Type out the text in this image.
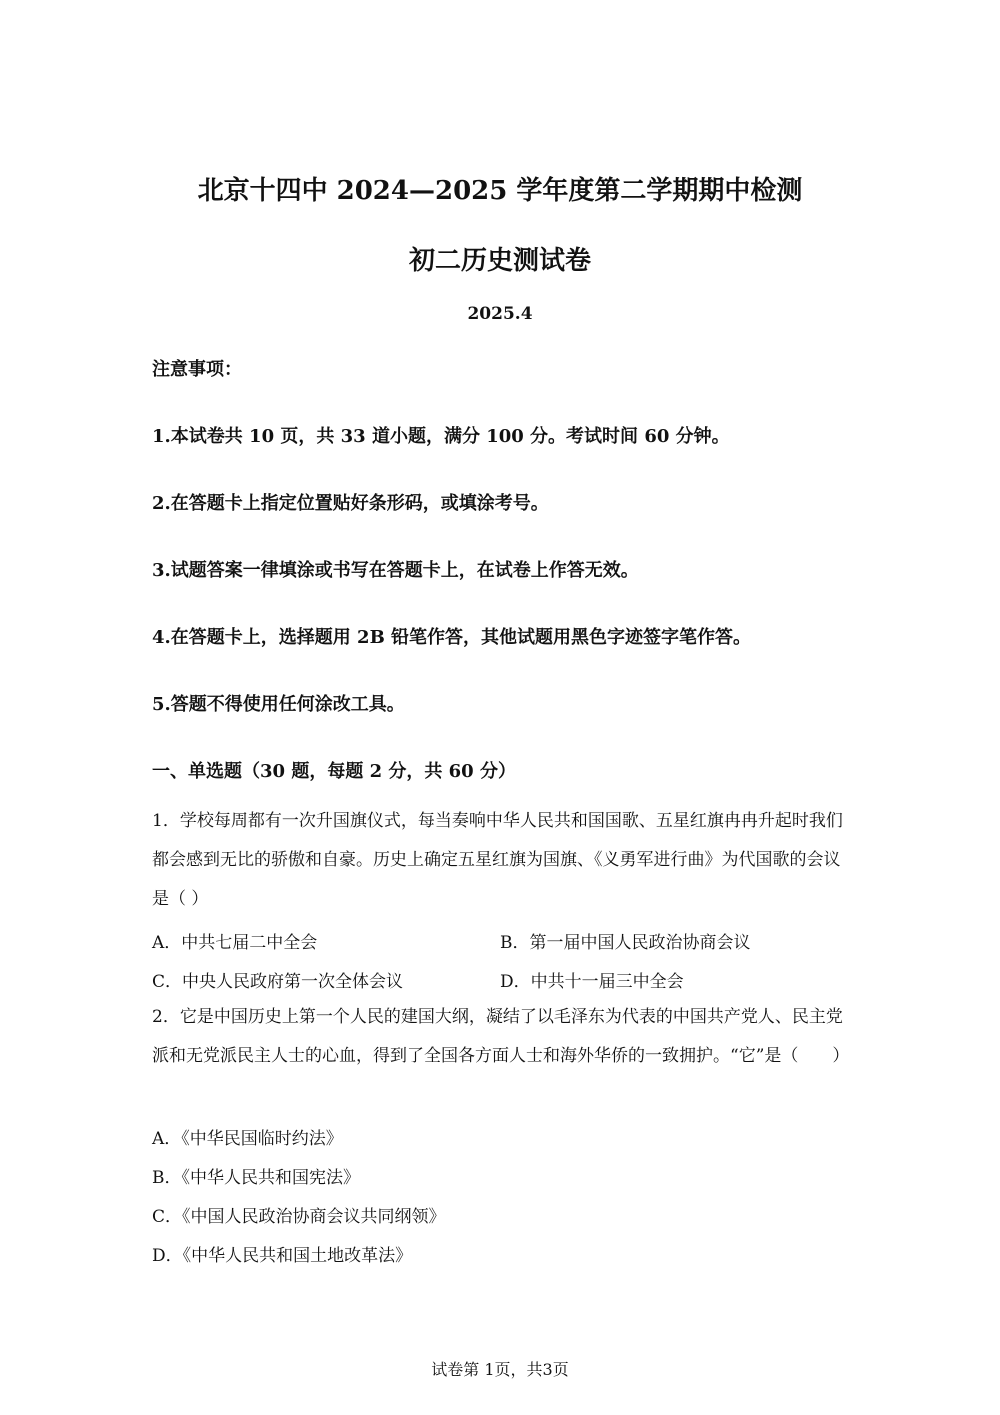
北京十四中 2024—2025 学年度第二学期期中检测
初二历史测试卷
2025.4
注意事项：
1.本试卷共 10 页，共 33 道小题，满分 100 分。考试时间 60 分钟。
2.在答题卡上指定位置贴好条形码，或填涂考号。
3.试题答案一律填涂或书写在答题卡上，在试卷上作答无效。
4.在答题卡上，选择题用 2B 铅笔作答，其他试题用黑色字迹签字笔作答。
5.答题不得使用任何涂改工具。
一、单选题（30 题，每题 2 分，共 60 分）
1．学校每周都有一次升国旗仪式，每当奏响中华人民共和国国歌、五星红旗冉冉升起时我们都会感到无比的骄傲和自豪。历史上确定五星红旗为国旗、《义勇军进行曲》为代国歌的会议是（ ）
A．中共七届二中全会	B．第一届中国人民政治协商会议
C．中央人民政府第一次全体会议	D．中共十一届三中全会
2．它是中国历史上第一个人民的建国大纲，凝结了以毛泽东为代表的中国共产党人、民主党派和无党派民主人士的心血，得到了全国各方面人士和海外华侨的一致拥护。“它”是（　　）
A．《中华民国临时约法》
B．《中华人民共和国宪法》
C．《中国人民政治协商会议共同纲领》
D．《中华人民共和国土地改革法》
试卷第 1页，共3页
